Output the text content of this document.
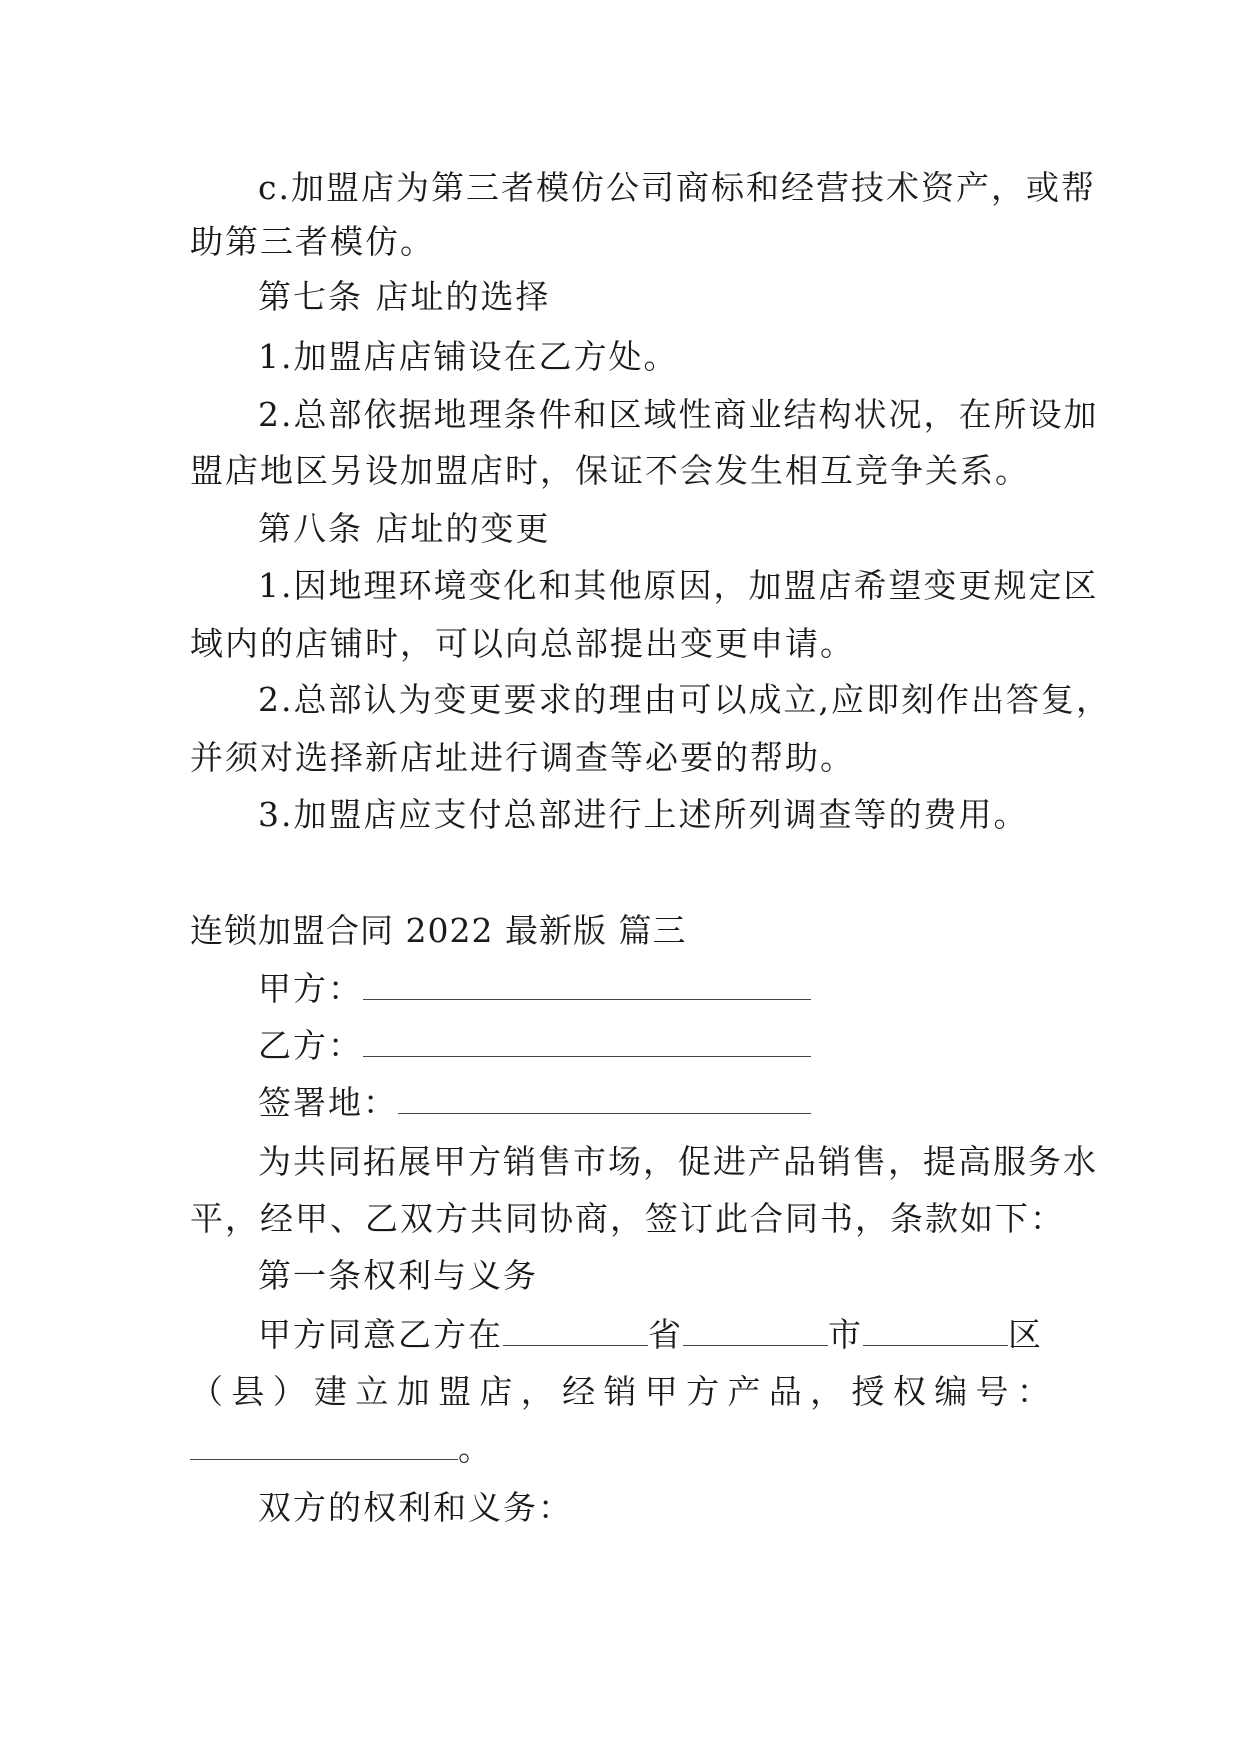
c.加盟店为第三者模仿公司商标和经营技术资产，或帮
助第三者模仿。
第七条 店址的选择
1.加盟店店铺设在乙方处。
2.总部依据地理条件和区域性商业结构状况，在所设加
盟店地区另设加盟店时，保证不会发生相互竞争关系。
第八条 店址的变更
1.因地理环境变化和其他原因，加盟店希望变更规定区
域内的店铺时，可以向总部提出变更申请。
2.总部认为变更要求的理由可以成立,应即刻作出答复，
并须对选择新店址进行调查等必要的帮助。
3.加盟店应支付总部进行上述所列调查等的费用。
连锁加盟合同 2022 最新版 篇三
甲方：
乙方：
签署地：
为共同拓展甲方销售市场，促进产品销售，提高服务水
平，经甲、乙双方共同协商，签订此合同书，条款如下：
第一条权利与义务
甲方同意乙方在	省	市	区
（ 县 ） 建 立 加 盟 店 ， 经 销 甲 方 产 品 ， 授 权 编 号 ：
。
双方的权利和义务：
